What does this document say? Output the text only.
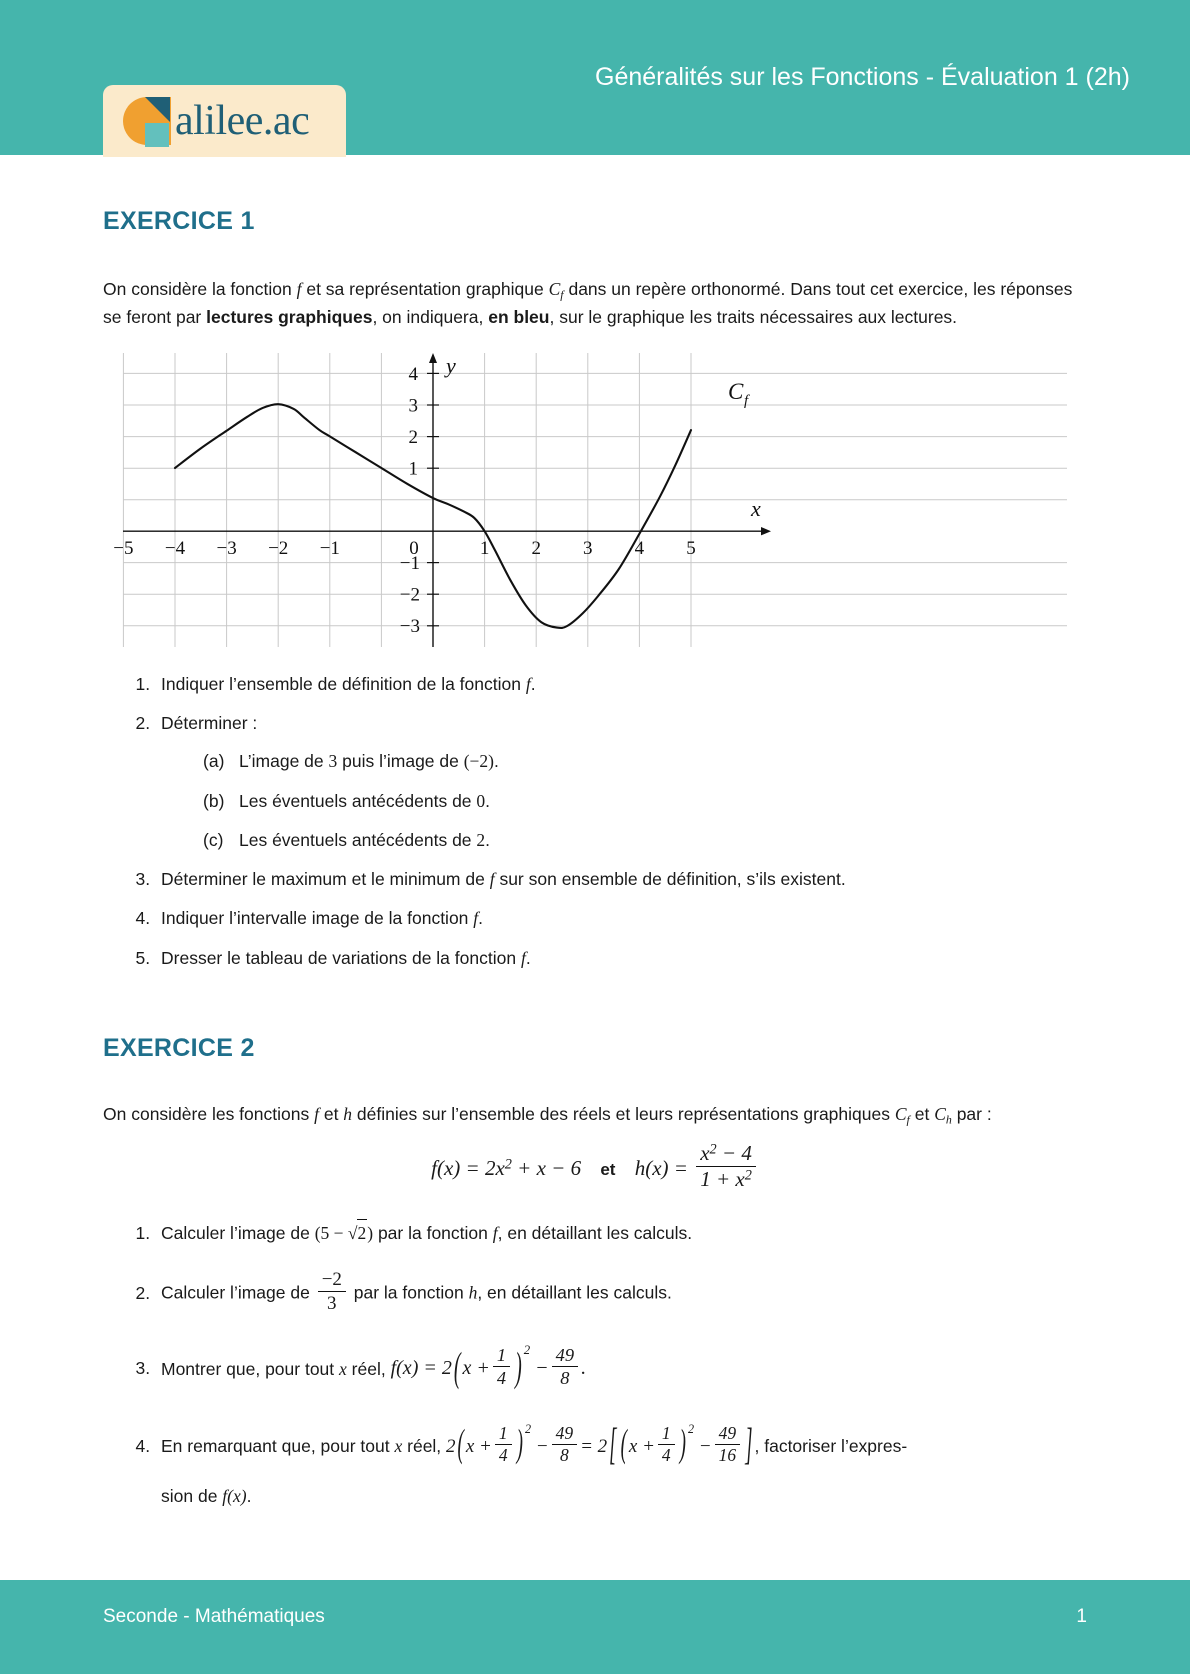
alilee.ac
Généralités sur les Fonctions - Évaluation 1 (2h)
EXERCICE 1

On considère la fonction f et sa représentation graphique $C_f$ dans un repère orthonormé. Dans tout cet exercice, les réponses se feront par lectures graphiques, on indiquera, en bleu, sur le graphique les traits nécessaires aux lectures.

−5 −4 −3 −2 −1	0	1 2 3 4 5
4
3
2
1
−1
−2
−3
y
x
C f
1. Indiquer l’ensemble de définition de la fonction f.
2. Déterminer :
L’image de 3 puis l’image de (−2).
Les éventuels antécédents de 0.
Les éventuels antécédents de 2.
3. Déterminer le maximum et le minimum de f sur son ensemble de définition, s’ils existent.
4. Indiquer l’intervalle image de la fonction f.
5. Dresser le tableau de variations de la fonction f.
EXERCICE 2

On considère les fonctions f et h définies sur l’ensemble des réels et leurs représentations graphiques $C_f$ et $C_h$ par :

$f(x) = 2x^2 + x - 6$ et $h(x) = \frac{x^2 - 4}{1 + x^2}$
1. Calculer l’image de (5 − √2) par la fonction f, en détaillant les calculs.
2. Calculer l’image de $\frac{-2}{3}$ par la fonction h, en détaillant les calculs.
3. Montrer que, pour tout x réel, f(x) = 2 ( $x + \frac{1}{4}$ ) $^2 - \frac{49}{8}$ .
4. En remarquant que, pour tout x réel, 2 ( $x + \frac{1}{4}$ ) $^2 - \frac{49}{8} = 2$ [ ( $x + \frac{1}{4}$ ) $^2 - \frac{49}{16}$ ] , factoriser l’expres-
sion de f(x).
Seconde - Mathématiques	1
